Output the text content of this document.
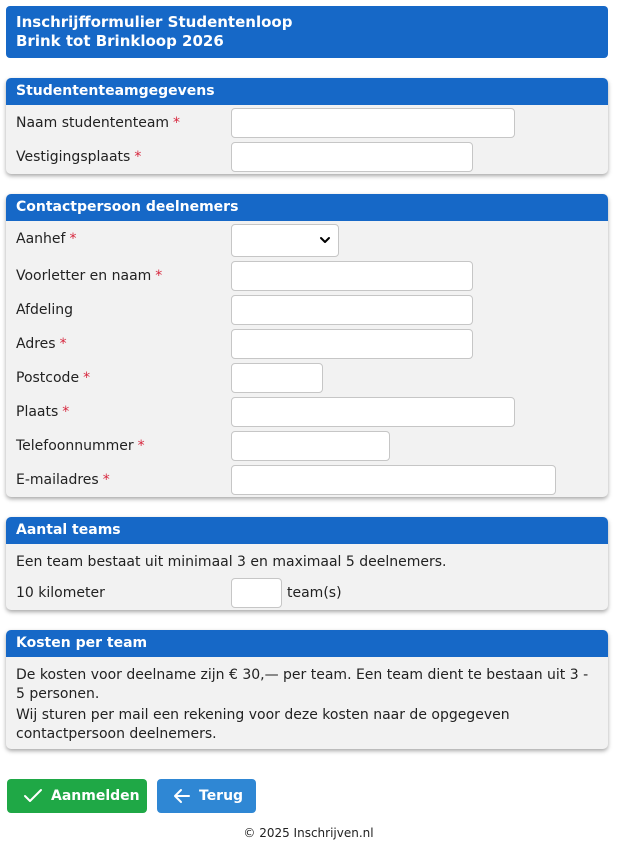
Inschrijfformulier Studentenloop
Brink tot Brinkloop 2026
Studententeamgegevens
Naam studententeam *
Vestigingsplaats *
Contactpersoon deelnemers
Aanhef *
Voorletter en naam *
Afdeling
Adres *
Postcode *
Plaats *
Telefoonnummer *
E-mailadres *
Aantal teams
Een team bestaat uit minimaal 3 en maximaal 5 deelnemers.
10 kilometer	team(s)
Kosten per team
De kosten voor deelname zijn € 30,— per team. Een team dient te bestaan uit 3 -
5 personen.
Wij sturen per mail een rekening voor deze kosten naar de opgegeven
contactpersoon deelnemers.
Aanmelden	Terug
© 2025 Inschrijven.nl
